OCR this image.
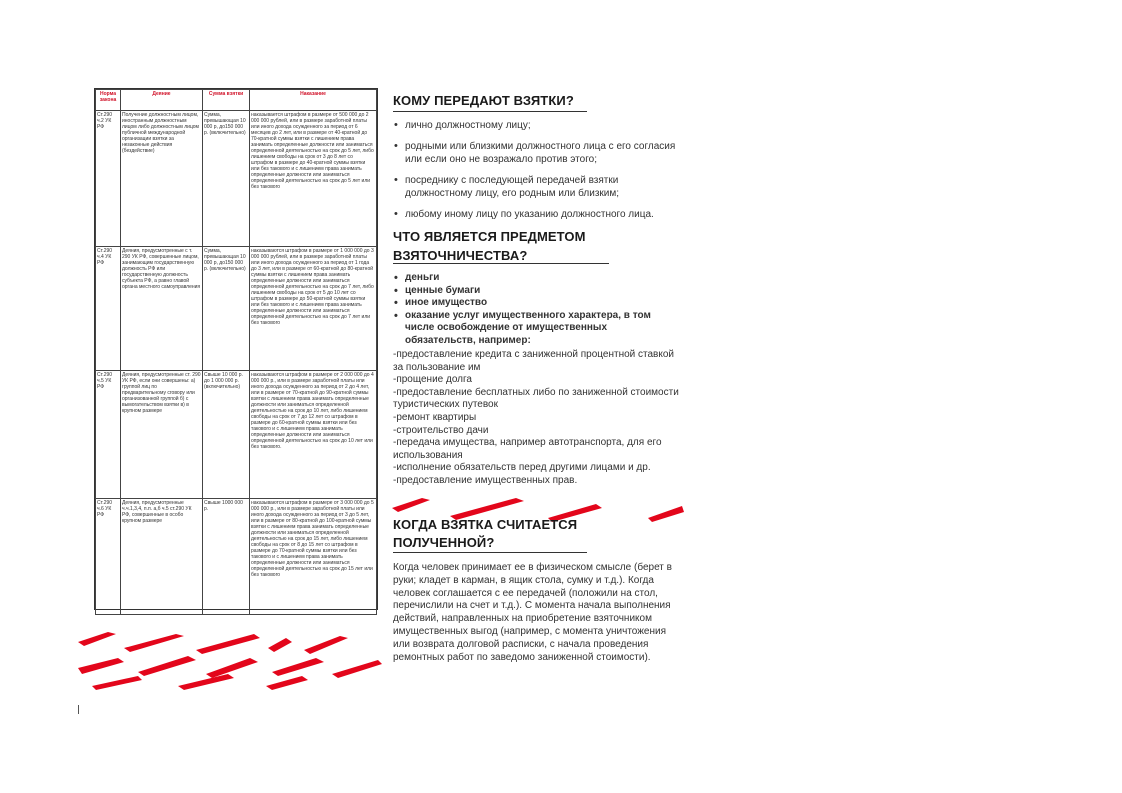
Норма закона	Деяние	Сумма взятки	Наказание
Ст.290 ч.2 УК РФ	Получение должностным лицом, иностранным должностным лицом либо должностным лицом публичной международной организации взятки за незаконные действия (бездействие)	Сумма, превышающая 10 000 р, до150 000 р. (включительно)	наказывается штрафом в размере от 500 000 до 2 000 000 рублей, или в размере заработной платы или иного дохода осужденного за период от 6 месяцев до 2 лет, или в размере от 40-кратной до 70-кратной суммы взятки с лишением права занимать определенные должности или заниматься определенной деятельностью на срок до 5 лет, либо лишением свободы на срок от 3 до 8 лет со штрафом в размере до 40-кратной суммы взятки или без такового и с лишением права занимать определенные должности или заниматься определенной деятельностью на срок до 5 лет или без такового
Ст.290 ч.4 УК РФ	Деяния, предусмотренные с т. 290 УК РФ, совершенные лицом, занимающим государственную должность РФ или государственную должность субъекта РФ, а равно главой органа местного самоуправления	Сумма, превышающая 10 000 р, до150 000 р. (включительно)	наказываются штрафом в размере от 1 000 000 до 3 000 000 рублей, или в размере заработной платы или иного дохода осужденного за период от 1 года до 3 лет, или в размере от 60-кратной до 80-кратной суммы взятки с лишением права занимать определенные должности или заниматься определенной деятельностью на срок до 7 лет, либо лишением свободы на срок от 5 до 10 лет со штрафом в размере до 50-кратной суммы взятки или без такового и с лишением права занимать определенные должности или заниматься определенной деятельностью на срок до 7 лет или без такового
Ст.290 ч.5 УК РФ	Деяния, предусмотренные ст. 290 УК РФ, если они совершены: а) группой лиц по предварительному сговору или организованной группой б) с вымогательством взятки в) в крупном размере	Свыше 10 000 р. до 1 000 000 р. (включительно)	наказываются штрафом в размере от 2 000 000 до 4 000 000 р., или в размере заработной платы или иного дохода осужденного за период от 2 до 4 лет, или в размере от 70-кратной до 90-кратной суммы взятки с лишением права занимать определенные должности или заниматься определенной деятельностью на срок до 10 лет, либо лишением свободы на срок от 7 до 12 лет со штрафом в размере до 60-кратной суммы взятки или без такового и с лишением права занимать определенные должности или заниматься определенной деятельностью на срок до 10 лет или без такового.
Ст.290 ч.6 УК РФ	Деяния, предусмотренные ч.ч.1,3,4, п.п. а,б ч.5 ст.290 УК РФ, совершенные в особо крупном размере	Свыше 1000 000 р.	наказываются штрафом в размере от 3 000 000 до 5 000 000 р., или в размере заработной платы или иного дохода осужденного за период от 3 до 5 лет, или в размере от 80-кратной до 100-кратной суммы взятки с лишением права занимать определенные должности или заниматься определенной деятельностью на срок до 15 лет, либо лишением свободы на срок от 8 до 15 лет со штрафом в размере до 70-кратной суммы взятки или без такового и с лишением права занимать определенные должности или заниматься определенной деятельностью на срок до 15 лет или без такового
КОМУ ПЕРЕДАЮТ ВЗЯТКИ?
• лично должностному лицу;
• родными или близкими должностного лица с его согласия или если оно не возражало против этого;
• посреднику с последующей передачей взятки должностному лицу, его родным или близким;
• любому иному лицу по указанию должностного лица.
ЧТО ЯВЛЯЕТСЯ ПРЕДМЕТОМ ВЗЯТОЧНИЧЕСТВА?
• деньги
• ценные бумаги
• иное имущество
• оказание услуг имущественного характера, в том числе освобождение от имущественных обязательств, например:
-предоставление кредита с заниженной процентной ставкой за пользование им
-прощение долга
-предоставление бесплатных либо по заниженной стоимости туристических путевок
-ремонт квартиры
-строительство дачи
-передача имущества, например автотранспорта, для его использования
-исполнение обязательств перед другими лицами и др.
-предоставление имущественных прав.
КОГДА ВЗЯТКА СЧИТАЕТСЯ ПОЛУЧЕННОЙ?

Когда человек принимает ее в физическом смысле (берет в руки; кладет в карман, в ящик стола, сумку и т.д.). Когда человек соглашается с ее передачей (положили на стол, перечислили на счет и т.д.). С момента начала выполнения действий, направленных на приобретение взяточником имущественных выгод (например, с момента уничтожения или возврата долговой расписки, с начала проведения ремонтных работ по заведомо заниженной стоимости).
